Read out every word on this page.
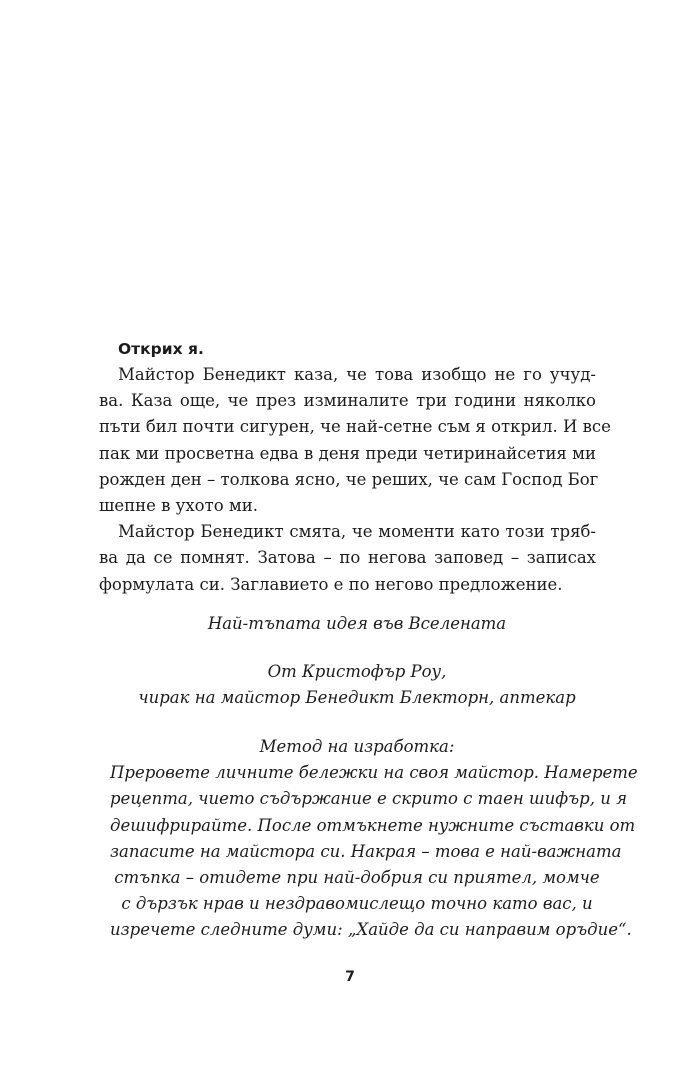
Открих я.

Майстор Бенедикт каза, че това изобщо не го учуд-
ва. Каза още, че през изминалите три години няколко
пъти бил почти сигурен, че най-сетне съм я открил. И все
пак ми просветна едва в деня преди четиринайсетия ми
рожден ден – толкова ясно, че реших, че сам Господ Бог
шепне в ухото ми.

Майстор Бенедикт смята, че моменти като този тряб-
ва да се помнят. Затова – по негова заповед – записах
формулата си. Заглавието е по негово предложение.

Най-тъпата идея във Вселената

От Кристофър Роу,
чирак на майстор Бенедикт Блекторн, аптекар

Метод на изработка:
Преровете личните бележки на своя майстор. Намерете
рецепта, чието съдържание е скрито с таен шифър, и я
дешифрирайте. После отмъкнете нужните съставки от
запасите на майстора си. Накрая – това е най-важната
стъпка – отидете при най-добрия си приятел, момче
с дързък нрав и нездравомислещо точно като вас, и
изречете следните думи: „Хайде да си направим оръдие“.

7
